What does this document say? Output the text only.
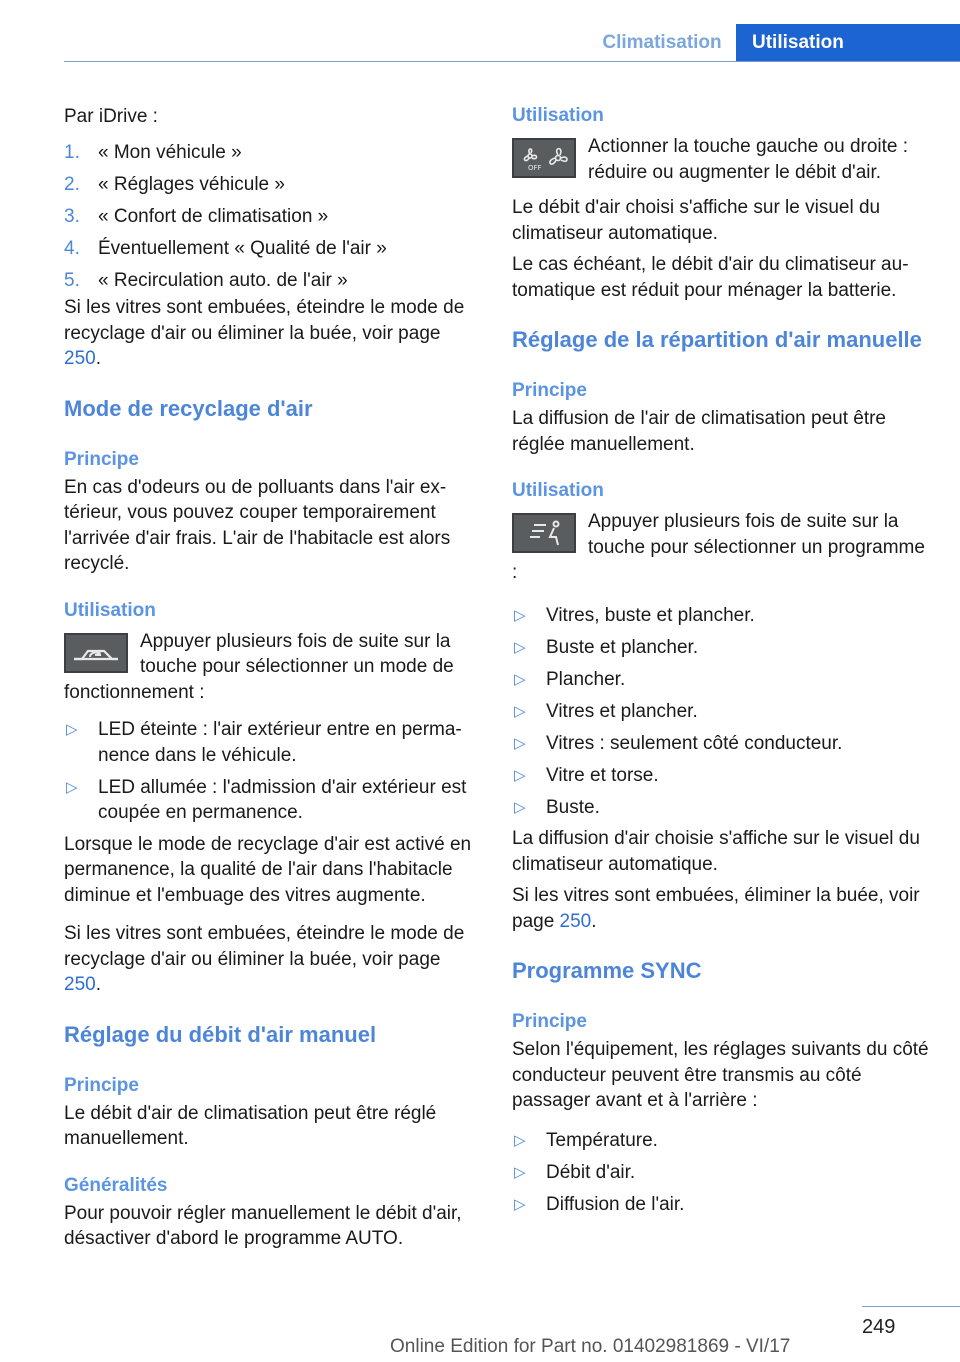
Climatisation	Utilisation

Par iDrive :

1. « Mon véhicule »
2. « Réglages véhicule »
3. « Confort de climatisation »
4. Éventuellement « Qualité de l'air »
5. « Recirculation auto. de l'air »

Si les vitres sont embuées, éteindre le mode de recyclage d'air ou éliminer la buée, voir page 250.

Mode de recyclage d'air
Principe

En cas d'odeurs ou de polluants dans l'air extérieur, vous pouvez couper temporairement l'arrivée d'air frais. L'air de l'habitacle est alors recyclé.

Utilisation

Appuyer plusieurs fois de suite sur la touche pour sélectionner un mode de fonctionnement :

▷	LED éteinte : l'air extérieur entre en permanence dans le véhicule.
▷	LED allumée : l'admission d'air extérieur est coupée en permanence.

Lorsque le mode de recyclage d'air est activé en permanence, la qualité de l'air dans l'habitacle diminue et l'embuage des vitres augmente.

Si les vitres sont embuées, éteindre le mode de recyclage d'air ou éliminer la buée, voir page 250.

Réglage du débit d'air manuel
Principe

Le débit d'air de climatisation peut être réglé manuellement.

Généralités

Pour pouvoir régler manuellement le débit d'air, désactiver d'abord le programme AUTO.

Utilisation
OFF

Actionner la touche gauche ou droite : réduire ou augmenter le débit d'air.

Le débit d'air choisi s'affiche sur le visuel du climatiseur automatique.

Le cas échéant, le débit d'air du climatiseur automatique est réduit pour ménager la batterie.

Réglage de la répartition d'air manuelle
Principe

La diffusion de l'air de climatisation peut être réglée manuellement.

Utilisation

Appuyer plusieurs fois de suite sur la touche pour sélectionner un programme :

▷	Vitres, buste et plancher.
▷	Buste et plancher.
▷	Plancher.
▷	Vitres et plancher.
▷	Vitres : seulement côté conducteur.
▷	Vitre et torse.
▷	Buste.

La diffusion d'air choisie s'affiche sur le visuel du climatiseur automatique.

Si les vitres sont embuées, éliminer la buée, voir page 250.

Programme SYNC
Principe

Selon l'équipement, les réglages suivants du côté conducteur peuvent être transmis au côté passager avant et à l'arrière :

▷	Température.
▷	Débit d'air.
▷	Diffusion de l'air.
249
Online Edition for Part no. 01402981869 - VI/17
